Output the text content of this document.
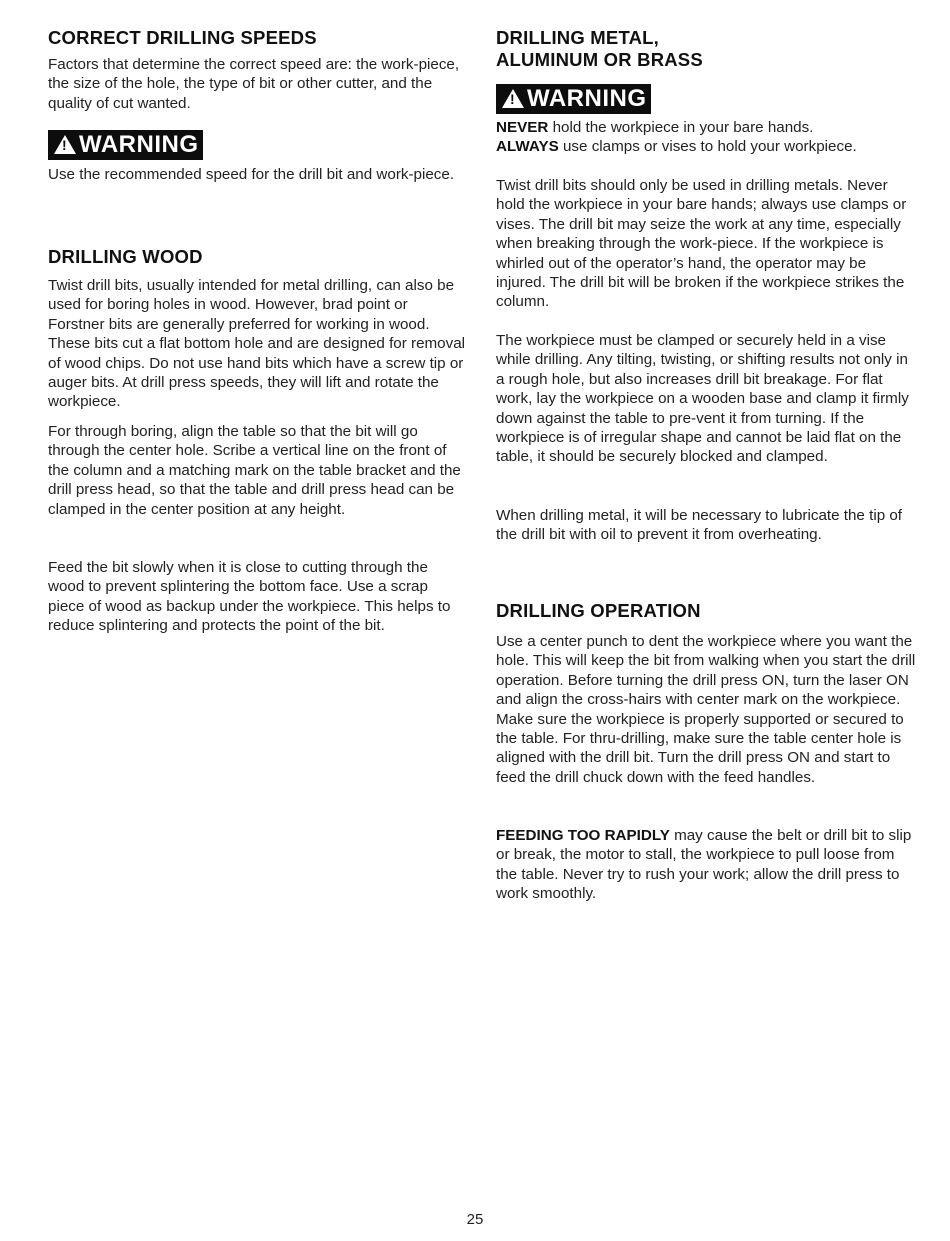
CORRECT DRILLING SPEEDS

Factors that determine the correct speed are: the work-piece, the size of the hole, the type of bit or other cutter, and the quality of cut wanted.

!WARNING

Use the recommended speed for the drill bit and work-piece.

DRILLING WOOD

Twist drill bits, usually intended for metal drilling, can also be used for boring holes in wood. However, brad point or Forstner bits are generally preferred for working in wood. These bits cut a flat bottom hole and are designed for removal of wood chips. Do not use hand bits which have a screw tip or auger bits. At drill press speeds, they will lift and rotate the workpiece.

For through boring, align the table so that the bit will go through the center hole. Scribe a vertical line on the front of the column and a matching mark on the table bracket and the drill press head, so that the table and drill press head can be clamped in the center position at any height.

Feed the bit slowly when it is close to cutting through the wood to prevent splintering the bottom face. Use a scrap piece of wood as backup under the workpiece. This helps to reduce splintering and protects the point of the bit.

DRILLING METAL,
ALUMINUM OR BRASS
!WARNING

NEVER hold the workpiece in your bare hands.

ALWAYS use clamps or vises to hold your workpiece.

Twist drill bits should only be used in drilling metals. Never hold the workpiece in your bare hands; always use clamps or vises. The drill bit may seize the work at any time, especially when breaking through the work-piece. If the workpiece is whirled out of the operator’s hand, the operator may be injured. The drill bit will be broken if the workpiece strikes the column.

The workpiece must be clamped or securely held in a vise while drilling. Any tilting, twisting, or shifting results not only in a rough hole, but also increases drill bit breakage. For flat work, lay the workpiece on a wooden base and clamp it firmly down against the table to pre-vent it from turning. If the workpiece is of irregular shape and cannot be laid flat on the table, it should be securely blocked and clamped.

When drilling metal, it will be necessary to lubricate the tip of the drill bit with oil to prevent it from overheating.

DRILLING OPERATION

Use a center punch to dent the workpiece where you want the hole. This will keep the bit from walking when you start the drill operation. Before turning the drill press ON, turn the laser ON and align the cross-hairs with center mark on the workpiece. Make sure the workpiece is properly supported or secured to the table. For thru-drilling, make sure the table center hole is aligned with the drill bit. Turn the drill press ON and start to feed the drill chuck down with the feed handles.

FEEDING TOO RAPIDLY may cause the belt or drill bit to slip or break, the motor to stall, the workpiece to pull loose from the table. Never try to rush your work; allow the drill press to work smoothly.

25
